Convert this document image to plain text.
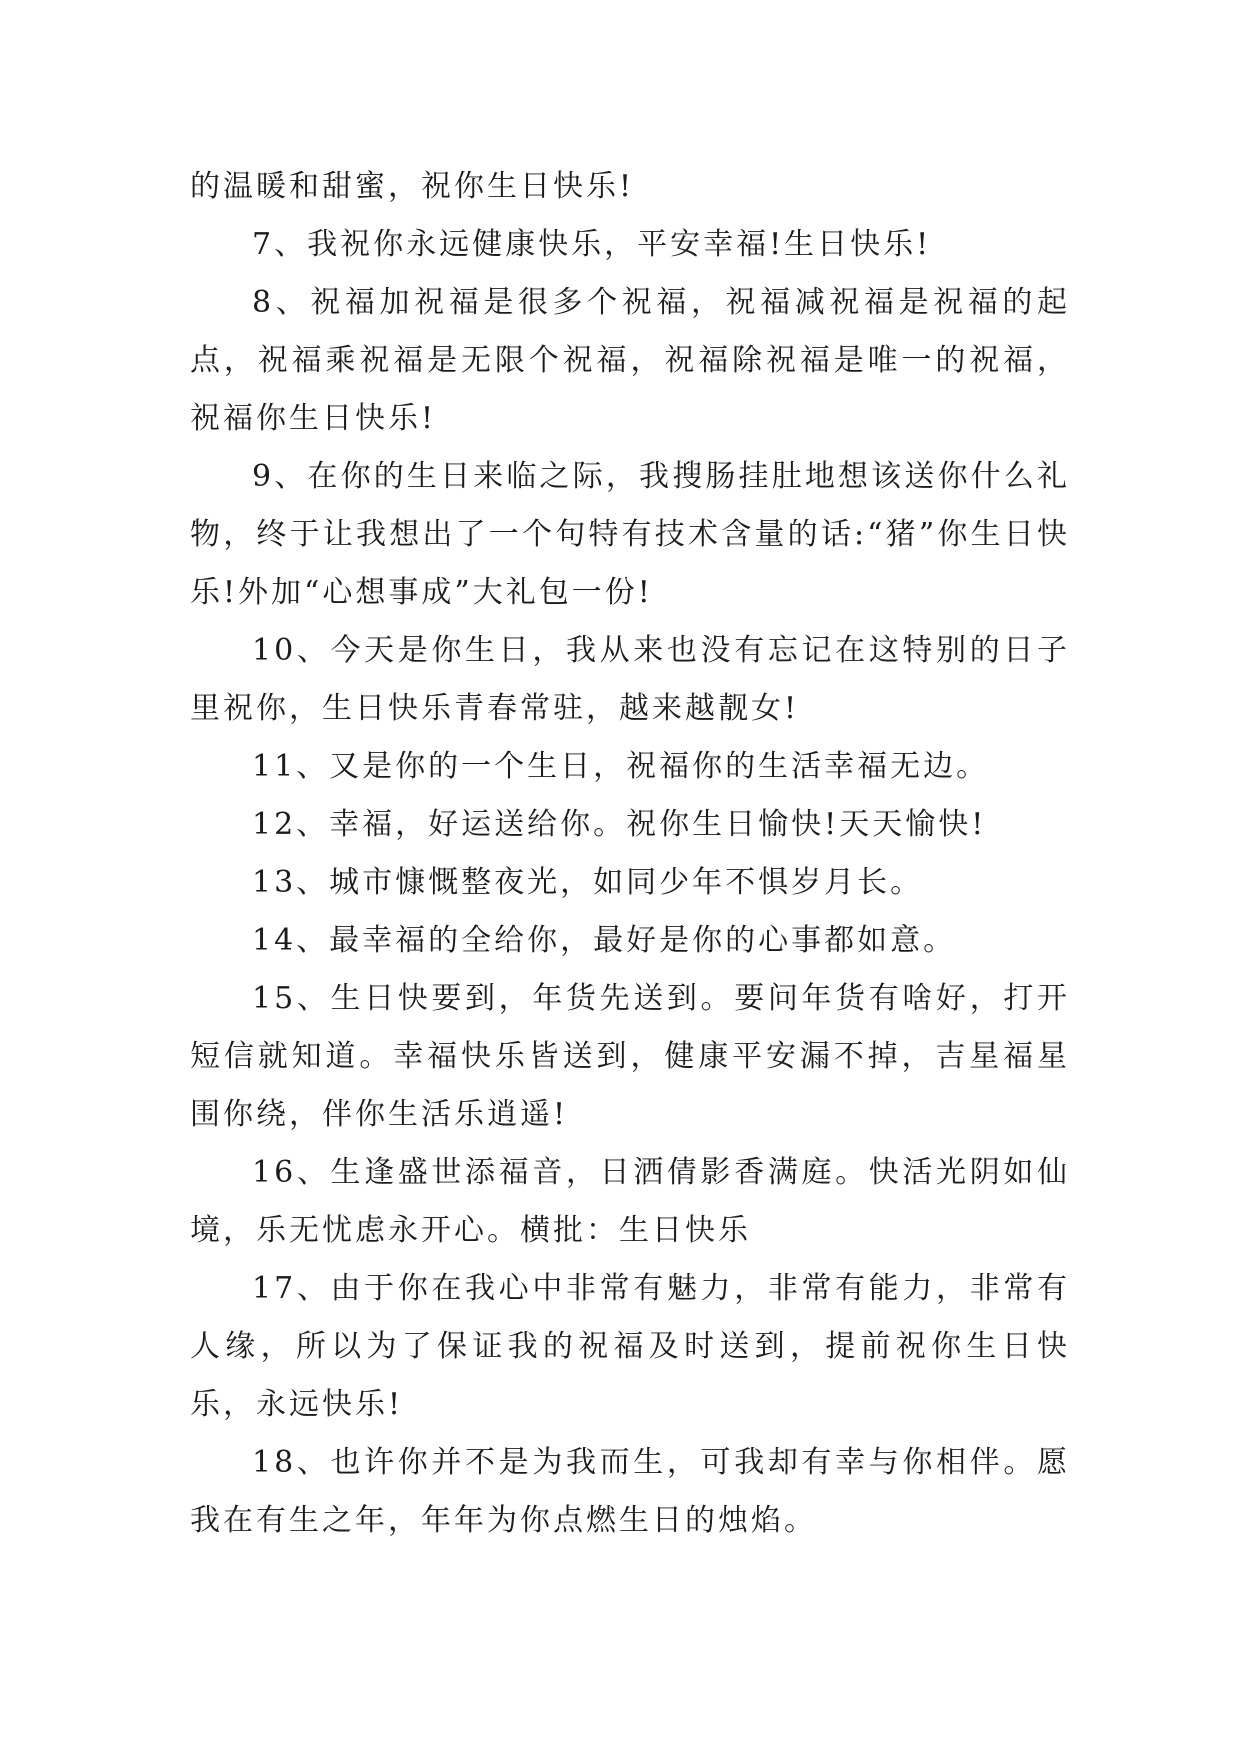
的温暖和甜蜜，祝你生日快乐!

7、我祝你永远健康快乐，平安幸福!生日快乐!

8、祝福加祝福是很多个祝福，祝福减祝福是祝福的起点，祝福乘祝福是无限个祝福，祝福除祝福是唯一的祝福，祝福你生日快乐!

9、在你的生日来临之际，我搜肠挂肚地想该送你什么礼物，终于让我想出了一个句特有技术含量的话:“猪”你生日快乐!外加“心想事成”大礼包一份!

10、今天是你生日，我从来也没有忘记在这特别的日子里祝你，生日快乐青春常驻，越来越靓女!

11、又是你的一个生日，祝福你的生活幸福无边。

12、幸福，好运送给你。祝你生日愉快!天天愉快!

13、城市慷慨整夜光，如同少年不惧岁月长。

14、最幸福的全给你，最好是你的心事都如意。

15、生日快要到，年货先送到。要问年货有啥好，打开短信就知道。幸福快乐皆送到，健康平安漏不掉，吉星福星围你绕，伴你生活乐逍遥!

16、生逢盛世添福音，日洒倩影香满庭。快活光阴如仙境，乐无忧虑永开心。横批：生日快乐

17、由于你在我心中非常有魅力，非常有能力，非常有人缘，所以为了保证我的祝福及时送到，提前祝你生日快乐，永远快乐!

18、也许你并不是为我而生，可我却有幸与你相伴。愿我在有生之年，年年为你点燃生日的烛焰。
